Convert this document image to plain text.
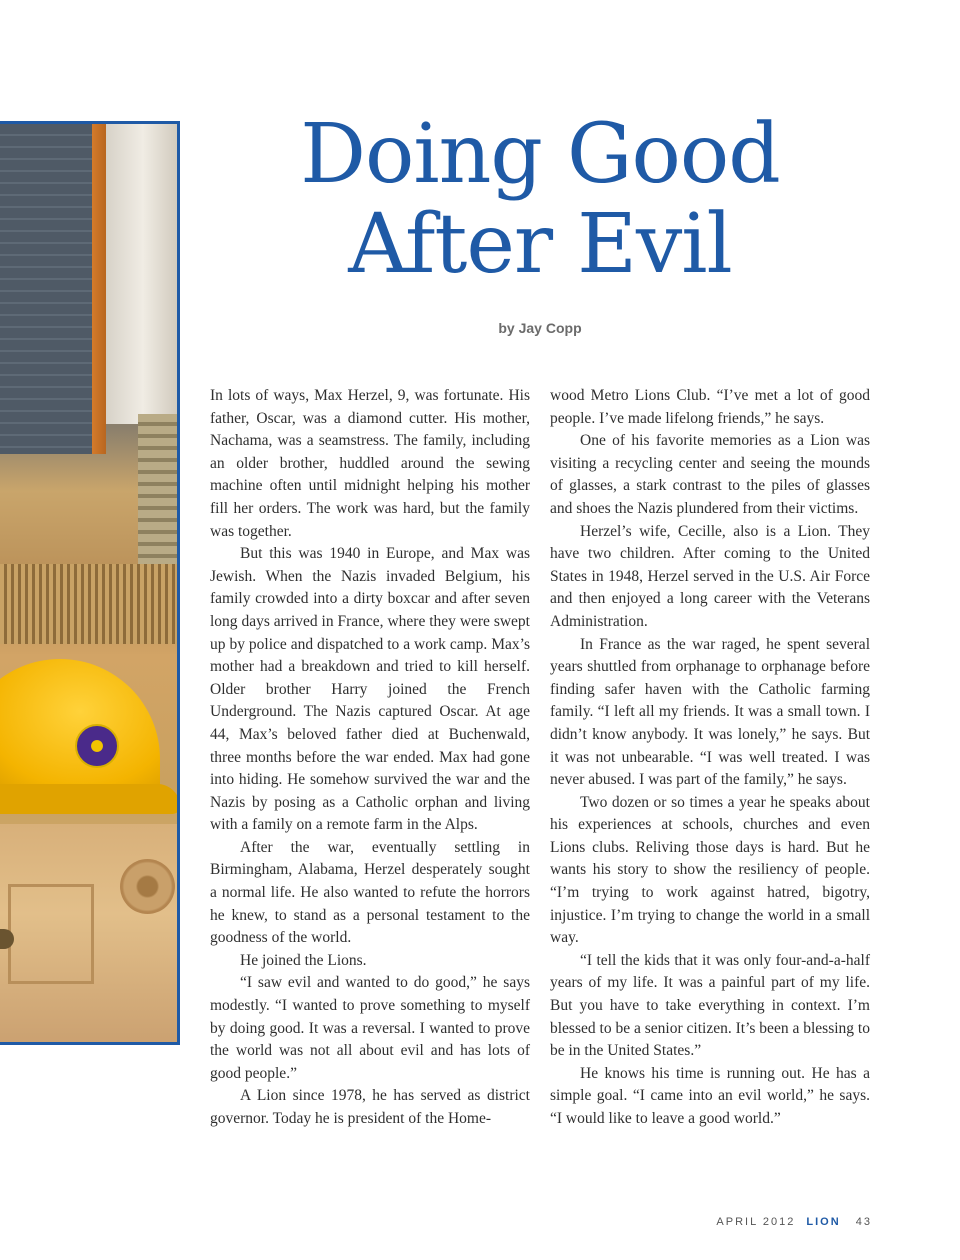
Doing Good
After Evil
by Jay Copp

In lots of ways, Max Herzel, 9, was fortunate. His father, Oscar, was a diamond cutter. His mother, Nachama, was a seamstress. The family, including an older brother, huddled around the sewing machine often until midnight helping his mother fill her orders. The work was hard, but the family was together.

But this was 1940 in Europe, and Max was Jewish. When the Nazis invaded Belgium, his family crowded into a dirty boxcar and after seven long days arrived in France, where they were swept up by police and dispatched to a work camp. Max’s mother had a breakdown and tried to kill herself. Older brother Harry joined the French Underground. The Nazis captured Oscar. At age 44, Max’s beloved father died at Buchenwald, three months before the war ended. Max had gone into hiding. He somehow survived the war and the Nazis by posing as a Catholic orphan and living with a family on a remote farm in the Alps.

After the war, eventually settling in Birmingham, Alabama, Herzel desperately sought a normal life. He also wanted to refute the horrors he knew, to stand as a personal testament to the goodness of the world.

He joined the Lions.

“I saw evil and wanted to do good,” he says modestly. “I wanted to prove something to myself by doing good. It was a reversal. I wanted to prove the world was not all about evil and has lots of good people.”

A Lion since 1978, he has served as district governor. Today he is president of the Home-

wood Metro Lions Club. “I’ve met a lot of good people. I’ve made lifelong friends,” he says.

One of his favorite memories as a Lion was visiting a recycling center and seeing the mounds of glasses, a stark contrast to the piles of glasses and shoes the Nazis plundered from their victims.

Herzel’s wife, Cecille, also is a Lion. They have two children. After coming to the United States in 1948, Herzel served in the U.S. Air Force and then enjoyed a long career with the Veterans Administration.

In France as the war raged, he spent several years shuttled from orphanage to orphanage before finding safer haven with the Catholic farming family. “I left all my friends. It was a small town. I didn’t know anybody. It was lonely,” he says. But it was not unbearable. “I was well treated. I was never abused. I was part of the family,” he says.

Two dozen or so times a year he speaks about his experiences at schools, churches and even Lions clubs. Reliving those days is hard. But he wants his story to show the resiliency of people. “I’m trying to work against hatred, bigotry, injustice. I’m trying to change the world in a small way.

“I tell the kids that it was only four-and-a-half years of my life. It was a painful part of my life. But you have to take everything in context. I’m blessed to be a senior citizen. It’s been a blessing to be in the United States.”

He knows his time is running out. He has a simple goal. “I came into an evil world,” he says. “I would like to leave a good world.”

APRIL 2012 LION 43
